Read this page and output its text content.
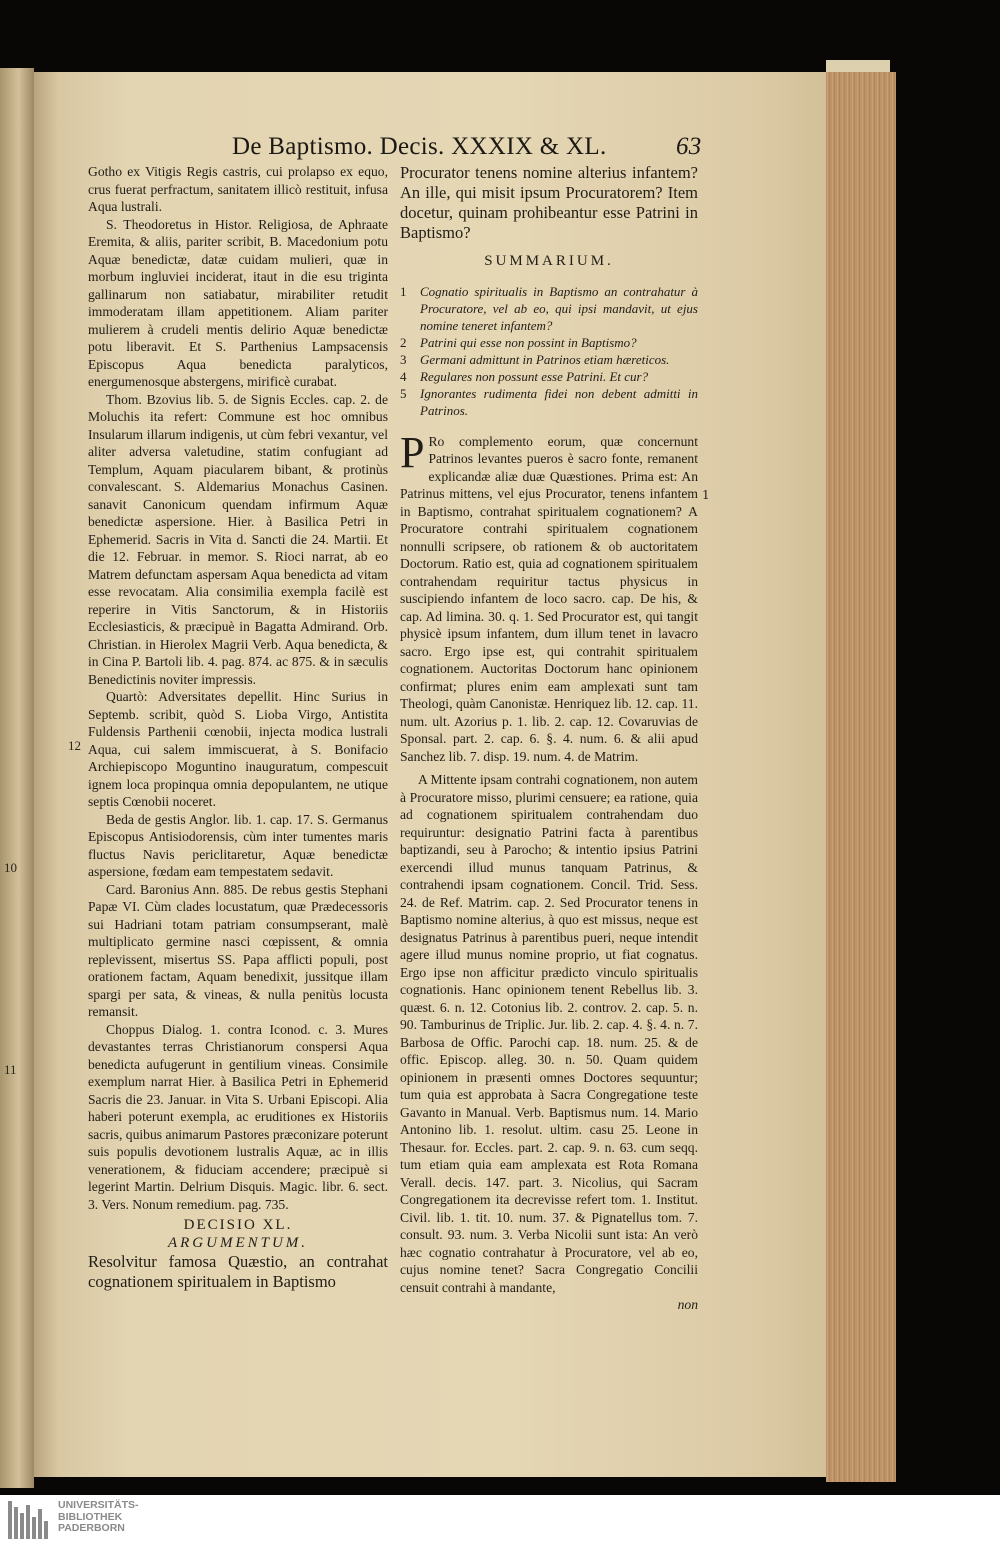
10
11
De Baptismo. Decis. XXXIX & XL.	63
12
1

Gotho ex Vitigis Regis castris, cui prolapso ex equo, crus fuerat perfractum, sanitatem illicò restituit, infusa Aqua lustrali.

S. Theodoretus in Histor. Religiosa, de Aphraate Eremita, & aliis, pariter scribit, B. Macedonium potu Aquæ benedictæ, datæ cuidam mulieri, quæ in morbum ingluviei inciderat, itaut in die esu triginta gallinarum non satiabatur, mirabiliter retudit immoderatam illam appetitionem. Aliam pariter mulierem à crudeli mentis delirio Aquæ benedictæ potu liberavit. Et S. Parthenius Lampsacensis Episcopus Aqua benedicta paralyticos, energumenosque abstergens, mirificè curabat.

Thom. Bzovius lib. 5. de Signis Eccles. cap. 2. de Moluchis ita refert: Commune est hoc omnibus Insularum illarum indigenis, ut cùm febri vexantur, vel aliter adversa valetudine, statim confugiant ad Templum, Aquam piacularem bibant, & protinùs convalescant. S. Aldemarius Monachus Casinen. sanavit Canonicum quendam infirmum Aquæ benedictæ aspersione. Hier. à Basilica Petri in Ephemerid. Sacris in Vita d. Sancti die 24. Martii. Et die 12. Februar. in memor. S. Rioci narrat, ab eo Matrem defunctam aspersam Aqua benedicta ad vitam esse revocatam. Alia consimilia exempla facilè est reperire in Vitis Sanctorum, & in Historiis Ecclesiasticis, & præcipuè in Bagatta Admirand. Orb. Christian. in Hierolex Magrii Verb. Aqua benedicta, & in Cina P. Bartoli lib. 4. pag. 874. ac 875. & in sæculis Benedictinis noviter impressis.

Quartò: Adversitates depellit. Hinc Surius in Septemb. scribit, quòd S. Lioba Virgo, Antistita Fuldensis Parthenii cœnobii, injecta modica lustrali Aqua, cui salem immiscuerat, à S. Bonifacio Archiepiscopo Moguntino inauguratum, compescuit ignem loca propinqua omnia depopulantem, ne utique septis Cœnobii noceret.

Beda de gestis Anglor. lib. 1. cap. 17. S. Germanus Episcopus Antisiodorensis, cùm inter tumentes maris fluctus Navis periclitaretur, Aquæ benedictæ aspersione, fœdam eam tempestatem sedavit.

Card. Baronius Ann. 885. De rebus gestis Stephani Papæ VI. Cùm clades locustatum, quæ Prædecessoris sui Hadriani totam patriam consumpserant, malè multiplicato germine nasci cœpissent, & omnia replevissent, misertus SS. Papa afflicti populi, post orationem factam, Aquam benedixit, jussitque illam spargi per sata, & vineas, & nulla penitùs locusta remansit.

Choppus Dialog. 1. contra Iconod. c. 3. Mures devastantes terras Christianorum conspersi Aqua benedicta aufugerunt in gentilium vineas. Consimile exemplum narrat Hier. à Basilica Petri in Ephemerid Sacris die 23. Januar. in Vita S. Urbani Episcopi. Alia haberi poterunt exempla, ac eruditiones ex Historiis sacris, quibus animarum Pastores præconizare poterunt suis populis devotionem lustralis Aquæ, ac in illis venerationem, & fiduciam accendere; præcipuè si legerint Martin. Delrium Disquis. Magic. libr. 6. sect. 3. Vers. Nonum remedium. pag. 735.

DECISIO XL.
ARGUMENTUM.

Resolvitur famosa Quæstio, an contrahat cognationem spiritualem in Baptismo

Procurator tenens nomine alterius infantem? An ille, qui misit ipsum Procuratorem? Item docetur, quinam prohibeantur esse Patrini in Baptismo?

SUMMARIUM.

1 Cognatio spiritualis in Baptismo an contrahatur à Procuratore, vel ab eo, qui ipsi mandavit, ut ejus nomine teneret infantem?

2 Patrini qui esse non possint in Baptismo?

3 Germani admittunt in Patrinos etiam hæreticos.

4 Regulares non possunt esse Patrini. Et cur?

5 Ignorantes rudimenta fidei non debent admitti in Patrinos.

P Ro complemento eorum, quæ concernunt Patrinos levantes pueros è sacro fonte, remanent explicandæ aliæ duæ Quæstiones. Prima est: An Patrinus mittens, vel ejus Procurator, tenens infantem in Baptismo, contrahat spiritualem cognationem? A Procuratore contrahi spiritualem cognationem nonnulli scripsere, ob rationem & ob auctoritatem Doctorum. Ratio est, quia ad cognationem spiritualem contrahendam requiritur tactus physicus in suscipiendo infantem de loco sacro. cap. De his, & cap. Ad limina. 30. q. 1. Sed Procurator est, qui tangit physicè ipsum infantem, dum illum tenet in lavacro sacro. Ergo ipse est, qui contrahit spiritualem cognationem. Auctoritas Doctorum hanc opinionem confirmat; plures enim eam amplexati sunt tam Theologi, quàm Canonistæ. Henriquez lib. 12. cap. 11. num. ult. Azorius p. 1. lib. 2. cap. 12. Covaruvias de Sponsal. part. 2. cap. 6. §. 4. num. 6. & alii apud Sanchez lib. 7. disp. 19. num. 4. de Matrim.

A Mittente ipsam contrahi cognationem, non autem à Procuratore misso, plurimi censuere; ea ratione, quia ad cognationem spiritualem contrahendam duo requiruntur: designatio Patrini facta à parentibus baptizandi, seu à Parocho; & intentio ipsius Patrini exercendi illud munus tanquam Patrinus, & contrahendi ipsam cognationem. Concil. Trid. Sess. 24. de Ref. Matrim. cap. 2. Sed Procurator tenens in Baptismo nomine alterius, à quo est missus, neque est designatus Patrinus à parentibus pueri, neque intendit agere illud munus nomine proprio, ut fiat cognatus. Ergo ipse non afficitur prædicto vinculo spiritualis cognationis. Hanc opinionem tenent Rebellus lib. 3. quæst. 6. n. 12. Cotonius lib. 2. controv. 2. cap. 5. n. 90. Tamburinus de Triplic. Jur. lib. 2. cap. 4. §. 4. n. 7. Barbosa de Offic. Parochi cap. 18. num. 25. & de offic. Episcop. alleg. 30. n. 50. Quam quidem opinionem in præsenti omnes Doctores sequuntur; tum quia est approbata à Sacra Congregatione teste Gavanto in Manual. Verb. Baptismus num. 14. Mario Antonino lib. 1. resolut. ultim. casu 25. Leone in Thesaur. for. Eccles. part. 2. cap. 9. n. 63. cum seqq. tum etiam quia eam amplexata est Rota Romana Verall. decis. 147. part. 3. Nicolius, qui Sacram Congregationem ita decrevisse refert tom. 1. Institut. Civil. lib. 1. tit. 10. num. 37. & Pignatellus tom. 7. consult. 93. num. 3. Verba Nicolii sunt ista: An verò hæc cognatio contrahatur à Procuratore, vel ab eo, cujus nomine tenet? Sacra Congregatio Concilii censuit contrahi à mandante,

non

UNIVERSITÄTS-
BIBLIOTHEK
PADERBORN
